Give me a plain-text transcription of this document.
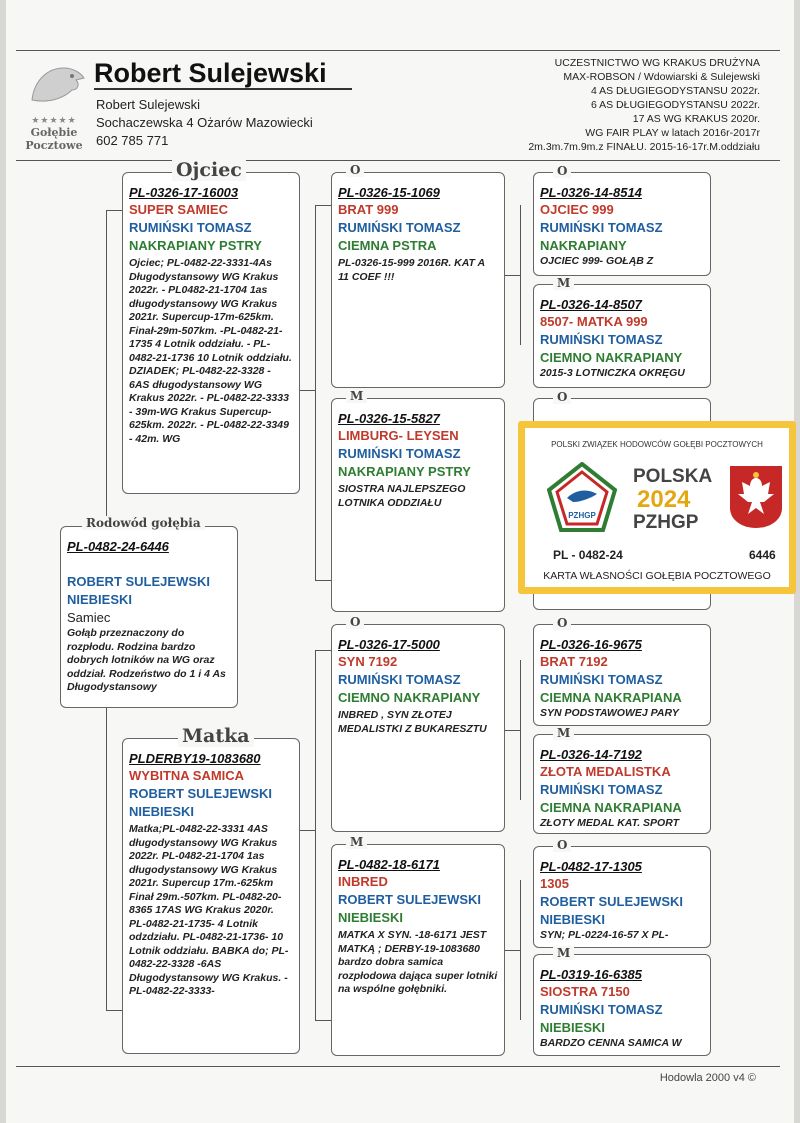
★★★★★
Gołębie
Pocztowe
Robert Sulejewski
Robert Sulejewski
Sochaczewska 4 Ożarów Mazowiecki
602 785 771
UCZESTNICTWO WG KRAKUS DRUŻYNA
MAX-ROBSON / Wdowiarski & Sulejewski
4 AS DŁUGIEGODYSTANSU 2022r.
6 AS DŁUGIEGODYSTANSU 2022r.
17 AS WG KRAKUS 2020r.
WG FAIR PLAY w latach 2016r-2017r
2m.3m.7m.9m.z FINAŁU. 2015-16-17r.M.oddziału
PL-0482-24-6446
ROBERT SULEJEWSKI
NIEBIESKI
Samiec
Gołąb przeznaczony do rozpłodu. Rodzina bardzo dobrych lotników na WG oraz oddział. Rodzeństwo do 1 i 4 As Długodystansowy
Rodowód gołębia
PL-0326-17-16003
SUPER SAMIEC
RUMIŃSKI TOMASZ
NAKRAPIANY PSTRY
Ojciec; PL-0482-22-3331-4As Długodystansowy WG Krakus 2022r. - PL0482-21-1704 1as długodystansowy WG Krakus 2021r. Supercup-17m-625km. Finał-29m-507km. -PL-0482-21-1735 4 Lotnik oddziału. - PL- 0482-21-1736 10 Lotnik oddziału. DZIADEK; PL-0482-22-3328 - 6AS długodystansowy WG Krakus 2022r. - PL-0482-22-3333 - 39m-WG Krakus Supercup-625km. 2022r. - PL-0482-22-3349 - 42m. WG
Ojciec
PLDERBY19-1083680
WYBITNA SAMICA
ROBERT SULEJEWSKI
NIEBIESKI
Matka;PL-0482-22-3331 4AS długodystansowy WG Krakus 2022r. PL-0482-21-1704 1as długodystansowy WG Krakus 2021r. Supercup 17m.-625km Finał 29m.-507km. PL-0482-20-8365 17AS WG Krakus 2020r. PL-0482-21-1735- 4 Lotnik odzdziału. PL-0482-21-1736- 10 Lotnik oddziału. BABKA do; PL-0482-22-3328 -6AS Długodystansowy WG Krakus. - PL-0482-22-3333-
Matka
PL-0326-15-1069
BRAT 999
RUMIŃSKI TOMASZ
CIEMNA PSTRA
PL-0326-15-999 2016R. KAT A 11 COEF !!!
O
PL-0326-15-5827
LIMBURG- LEYSEN
RUMIŃSKI TOMASZ
NAKRAPIANY PSTRY
SIOSTRA NAJLEPSZEGO LOTNIKA ODDZIAŁU
M
PL-0326-17-5000
SYN 7192
RUMIŃSKI TOMASZ
CIEMNO NAKRAPIANY
INBRED , SYN ZŁOTEJ MEDALISTKI Z BUKARESZTU
O
PL-0482-18-6171
INBRED
ROBERT SULEJEWSKI
NIEBIESKI
MATKA X SYN. -18-6171 JEST MATKĄ ; DERBY-19-1083680 bardzo dobra samica rozpłodowa dająca super lotniki na wspólne gołębniki.
M
PL-0326-14-8514
OJCIEC 999
RUMIŃSKI TOMASZ
NAKRAPIANY
OJCIEC 999- GOŁĄB Z
O
PL-0326-14-8507
8507- MATKA 999
RUMIŃSKI TOMASZ
CIEMNO NAKRAPIANY
2015-3 LOTNICZKA OKRĘGU
M
O
PL-0326-16-9675
BRAT 7192
RUMIŃSKI TOMASZ
CIEMNA NAKRAPIANA
SYN PODSTAWOWEJ PARY
O
PL-0326-14-7192
ZŁOTA MEDALISTKA
RUMIŃSKI TOMASZ
CIEMNA NAKRAPIANA
ZŁOTY MEDAL KAT. SPORT
M
PL-0482-17-1305
1305
ROBERT SULEJEWSKI
NIEBIESKI
SYN; PL-0224-16-57 X PL-
O
PL-0319-16-6385
SIOSTRA 7150
RUMIŃSKI TOMASZ
NIEBIESKI
BARDZO CENNA SAMICA W
M
POLSKI ZWIĄZEK HODOWCÓW GOŁĘBI POCZTOWYCH
PZHGP
POLSKA
2024
PZHGP
PL - 0482-24	6446
KARTA WŁASNOŚCI GOŁĘBIA POCZTOWEGO
Hodowla 2000 v4 ©
